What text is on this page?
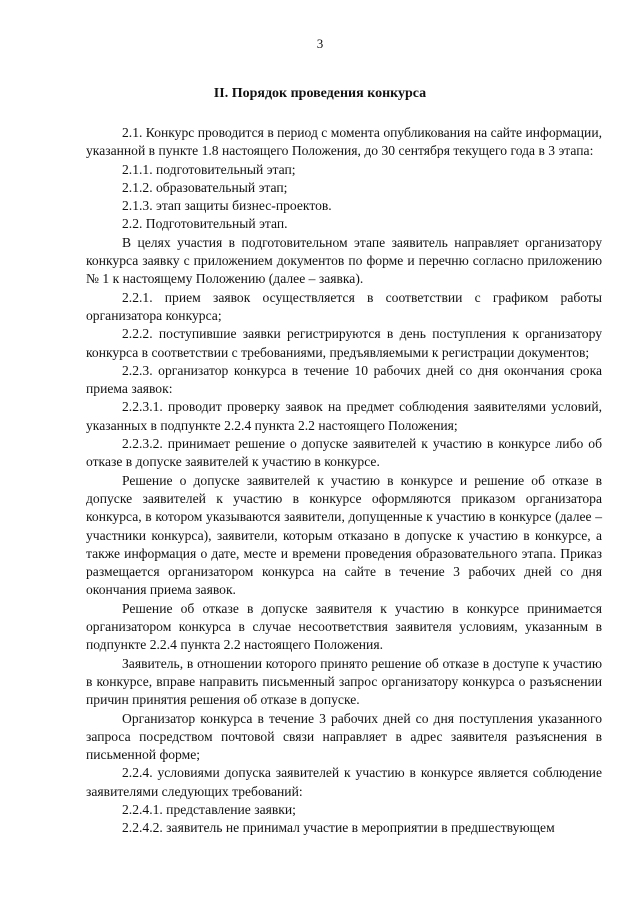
3
II. Порядок проведения конкурса

2.1. Конкурс проводится в период с момента опубликования на сайте информации, указанной в пункте 1.8 настоящего Положения, до 30 сентября текущего года в 3 этапа:

2.1.1. подготовительный этап;

2.1.2. образовательный этап;

2.1.3. этап защиты бизнес-проектов.

2.2. Подготовительный этап.

В целях участия в подготовительном этапе заявитель направляет организатору конкурса заявку с приложением документов по форме и перечню согласно приложению № 1 к настоящему Положению (далее – заявка).

2.2.1. прием заявок осуществляется в соответствии с графиком работы организатора конкурса;

2.2.2. поступившие заявки регистрируются в день поступления к организатору конкурса в соответствии с требованиями, предъявляемыми к регистрации документов;

2.2.3. организатор конкурса в течение 10 рабочих дней со дня окончания срока приема заявок:

2.2.3.1. проводит проверку заявок на предмет соблюдения заявителями условий, указанных в подпункте 2.2.4 пункта 2.2 настоящего Положения;

2.2.3.2. принимает решение о допуске заявителей к участию в конкурсе либо об отказе в допуске заявителей к участию в конкурсе.

Решение о допуске заявителей к участию в конкурсе и решение об отказе в допуске заявителей к участию в конкурсе оформляются приказом организатора конкурса, в котором указываются заявители, допущенные к участию в конкурсе (далее – участники конкурса), заявители, которым отказано в допуске к участию в конкурсе, а также информация о дате, месте и времени проведения образовательного этапа. Приказ размещается организатором конкурса на сайте в течение 3 рабочих дней со дня окончания приема заявок.

Решение об отказе в допуске заявителя к участию в конкурсе принимается организатором конкурса в случае несоответствия заявителя условиям, указанным в подпункте 2.2.4 пункта 2.2 настоящего Положения.

Заявитель, в отношении которого принято решение об отказе в доступе к участию в конкурсе, вправе направить письменный запрос организатору конкурса о разъяснении причин принятия решения об отказе в допуске.

Организатор конкурса в течение 3 рабочих дней со дня поступления указанного запроса посредством почтовой связи направляет в адрес заявителя разъяснения в письменной форме;

2.2.4. условиями допуска заявителей к участию в конкурсе является соблюдение заявителями следующих требований:

2.2.4.1. представление заявки;

2.2.4.2. заявитель не принимал участие в мероприятии в предшествующем
